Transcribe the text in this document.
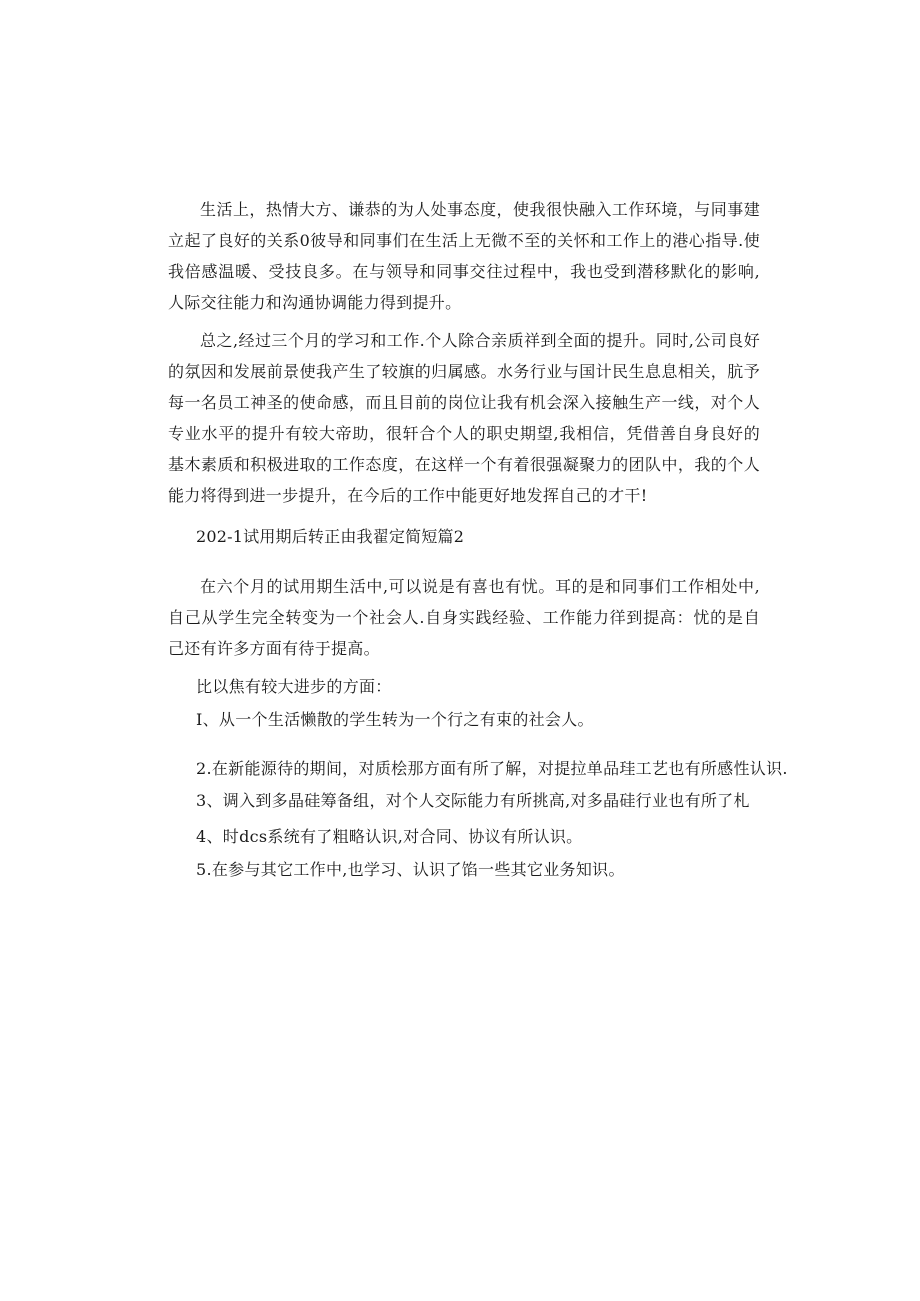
生活上，热情大方、谦恭的为人处事态度，使我很快融入工作环境，与同事建立起了良好的关系0彼导和同事们在生活上无微不至的关怀和工作上的港心指导.使我倍感温暖、受技良多。在与领导和同事交往过程中，我也受到潜移默化的影响,人际交往能力和沟通协调能力得到提升。

总之,经过三个月的学习和工作.个人除合亲质祥到全面的提升。同时,公司良好的氛因和发展前景使我产生了较旗的归属感。水务行业与国计民生息息相关，肮予每一名员工神圣的使命感，而且目前的岗位让我有机会深入接触生产一线，对个人专业水平的提升有较大帝助，很轩合个人的职史期望,我相信，凭借善自身良好的基木素质和积极进取的工作态度，在这样一个有着很强凝聚力的团队中，我的个人能力将得到进一步提升，在今后的工作中能更好地发挥自己的才干!

202-1试用期后转正由我翟定简短篇2

在六个月的试用期生活中,可以说是有喜也有忧。耳的是和同事们工作相处中,自己从学生完全转变为一个社会人.自身实践经验、工作能力徉到提高：忧的是自己还有许多方面有待于提高。

比以焦有较大进步的方面：

I、从一个生活懒散的学生转为一个行之有束的社会人。

2.在新能源待的期间，对质桧那方面有所了解，对提拉单品珪工艺也有所感性认识.

3、调入到多晶硅筹备组，对个人交际能力有所挑高,对多晶硅行业也有所了札

4、时dcs系统有了粗略认识,对合同、协议有所认识。

5.在参与其它工作中,也学习、认识了馅一些其它业务知识。
